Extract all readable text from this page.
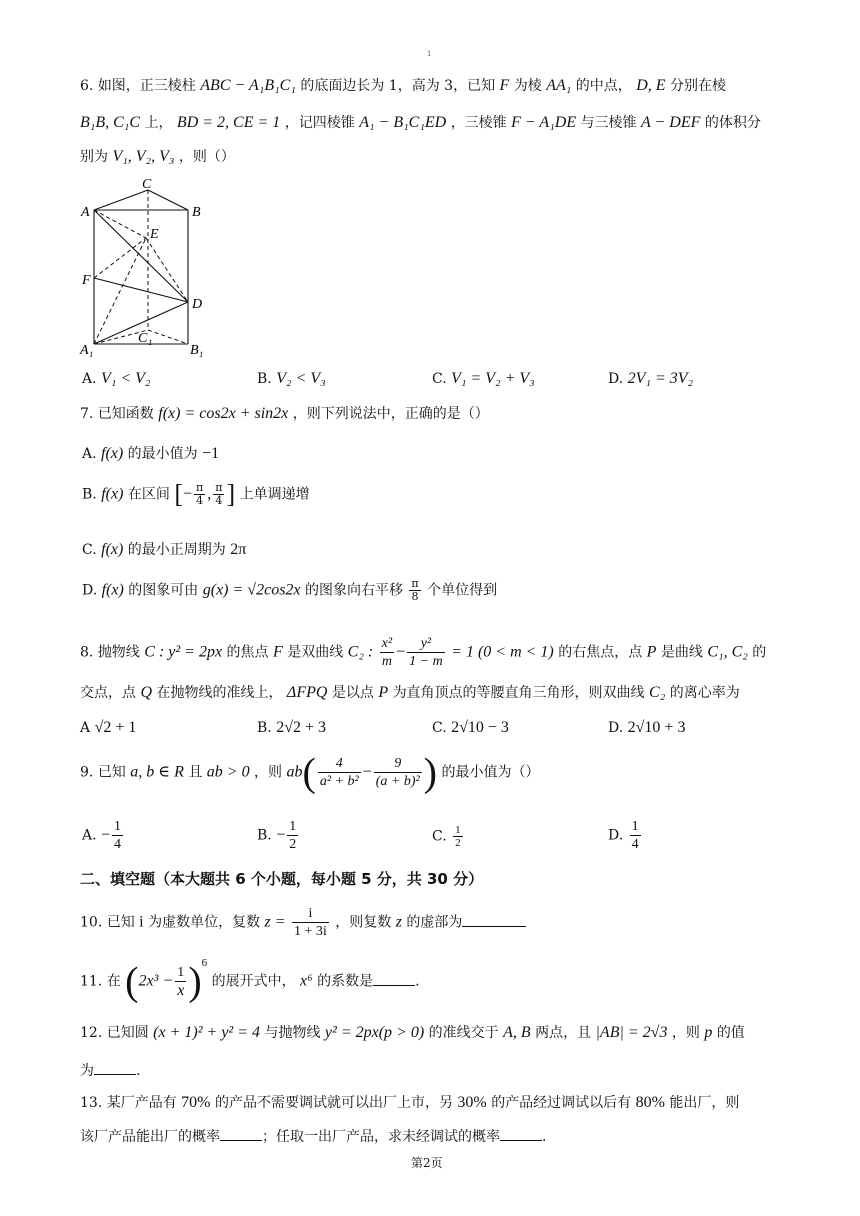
1
6. 如图，正三棱柱 ABC − A₁B₁C₁ 的底面边长为 1，高为 3，已知 F 为棱 AA₁ 的中点， D, E 分别在棱
B₁B, C₁C 上， BD = 2, CE = 1 ，记四棱锥 A₁ − B₁C₁ED ，三棱锥 F − A₁DE 与三棱锥 A − DEF 的体积分
别为 V₁, V₂, V₃ ，则（）
C
A	B
E
F
D
A₁
C₁
B₁
A. V₁ < V₂	B. V₂ < V₃	C. V₁ = V₂ + V₃	D. 2V₁ = 3V₂
7. 已知函数 f(x) = cos2x + sin2x ，则下列说法中，正确的是（）
A. f(x) 的最小值为 −1
B. f(x) 在区间 [− $\frac{\pi}{4}$ , $\frac{\pi}{4}$ ] 上单调递增
C. f(x) 的最小正周期为 2π
D. f(x) 的图象可由 g(x) = √2cos2x 的图象向右平移 $\frac{\pi}{8}$ 个单位得到
8. 抛物线 C : y² = 2px 的焦点 F 是双曲线 C₂ : $\frac{\text{x²}}{m} - \frac{\text{y²}}{1 - m} = 1$ (0 < m < 1) 的右焦点，点 P 是曲线 C₁, C₂ 的
交点，点 Q 在抛物线的准线上， ΔFPQ 是以点 P 为直角顶点的等腰直角三角形，则双曲线 C₂ 的离心率为
A √2 + 1	B. 2√2 + 3	C. 2√10 − 3	D. 2√10 + 3
9. 已知 a, b ∈ R 且 ab > 0 ，则 $ab( \frac{4}{\text{a² + b²}} - \frac{9}{\text{(a + b)²}}$ ) 的最小值为（）
A. − $\frac{1}{4}$	B. − $\frac{1}{2}$	C. $\frac{1}{2}$	D. $\frac{1}{4}$
二、填空题（本大题共 6 个小题，每小题 5 分，共 30 分）
10. 已知 i 为虚数单位，复数 $z = \frac{i}{1 + 3i}$ ，则复数 z 的虚部为
11. 在 $(2x^3 - \frac{1}{x} )^6$ 的展开式中， x⁶ 的系数是	.
12. 已知圆 (x + 1)² + y² = 4 与抛物线 y² = 2px(p > 0) 的准线交于 A, B 两点，且 |AB| = 2√3 ，则 p 的值
为	.
13. 某厂产品有 70% 的产品不需要调试就可以出厂上市，另 30% 的产品经过调试以后有 80% 能出厂，则
该厂产品能出厂的概率	；任取一出厂产品，求未经调试的概率	.
第2页
